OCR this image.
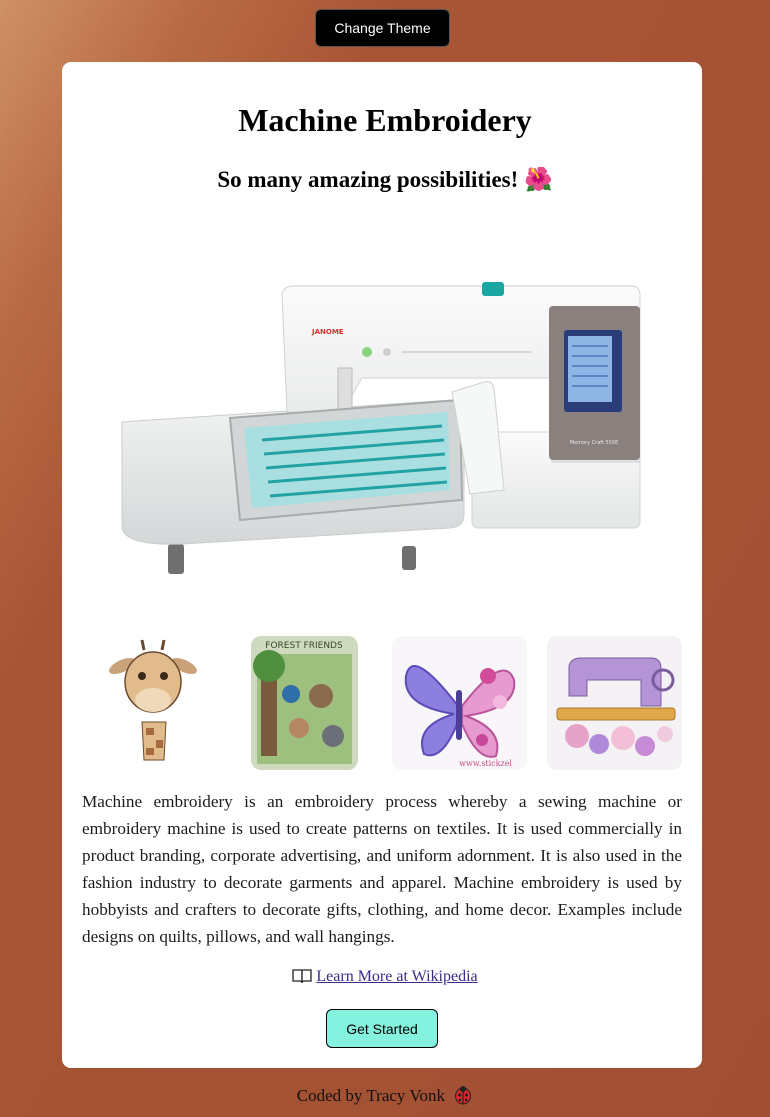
Change Theme
Machine Embroidery
So many amazing possibilities! 🌺
Memory Craft 550E
JANOME
FOREST FRIENDS
www.stickzel

Machine embroidery is an embroidery process whereby a sewing machine or embroidery machine is used to create patterns on textiles. It is used commercially in product branding, corporate advertising, and uniform adornment. It is also used in the fashion industry to decorate garments and apparel. Machine embroidery is used by hobbyists and crafters to decorate gifts, clothing, and home decor. Examples include designs on quilts, pillows, and wall hangings.

Learn More at Wikipedia
Get Started
Coded by Tracy Vonk
